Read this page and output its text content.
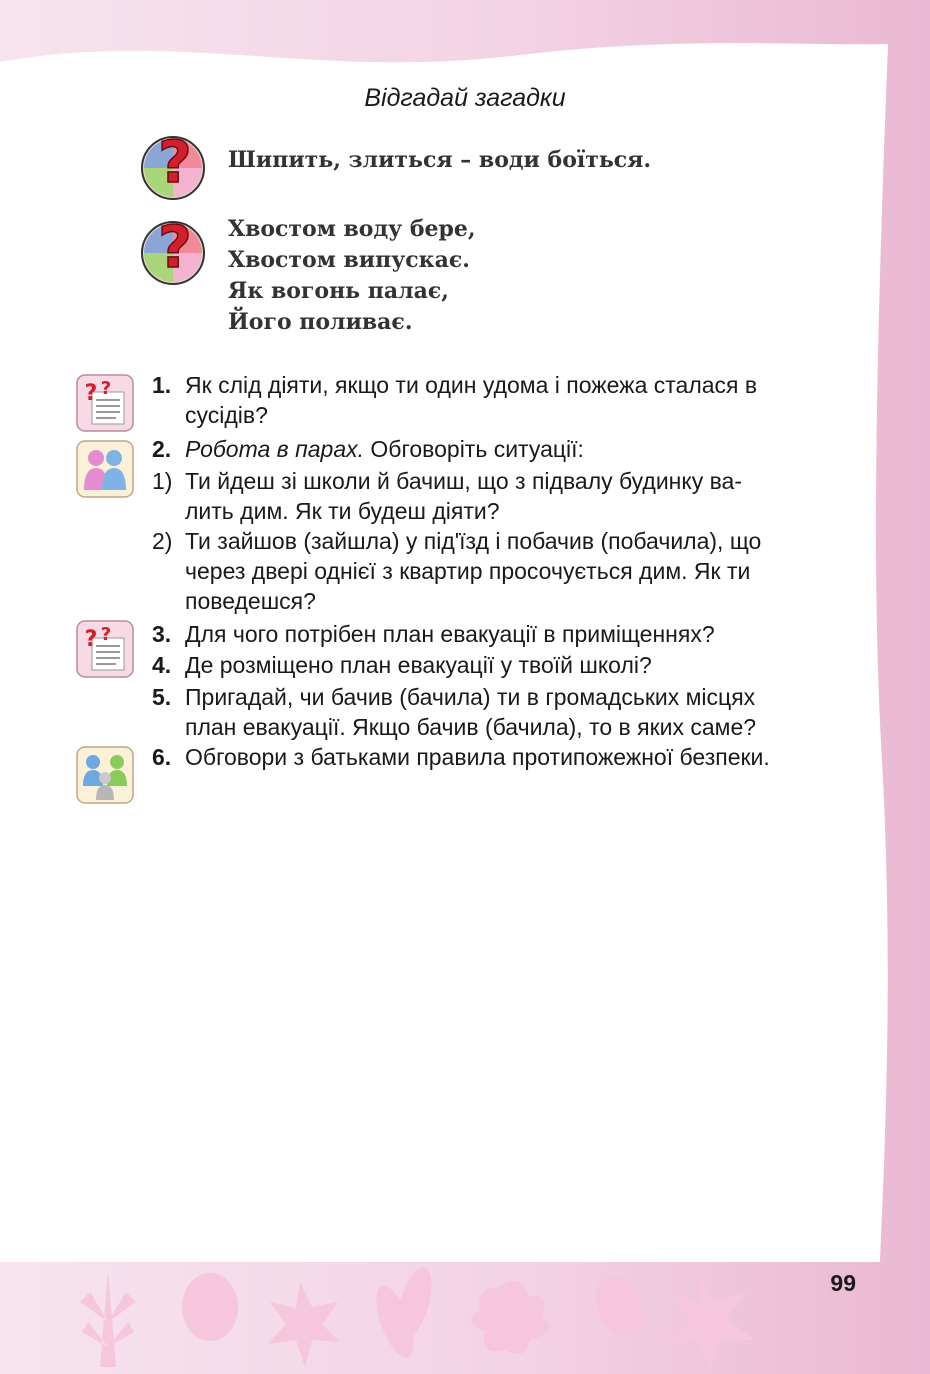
Відгадай загадки
? Шипить, злиться – води боїться.
? Хвостом воду бере,
Хвостом випускає.
Як вогонь палає,
Його поливає.
? ?
? ?
1. Як слід діяти, якщо ти один удома і пожежа сталася в
сусідів?
2. Робота в парах. Обговоріть ситуації:
1) Ти йдеш зі школи й бачиш, що з підвалу будинку ва-
лить дим. Як ти будеш діяти?
2) Ти зайшов (зайшла) у під'їзд і побачив (побачила), що
через двері однієї з квартир просочується дим. Як ти
поведешся?
3. Для чого потрібен план евакуації в приміщеннях?
4. Де розміщено план евакуації у твоїй школі?
5. Пригадай, чи бачив (бачила) ти в громадських місцях
план евакуації. Якщо бачив (бачила), то в яких саме?
6. Обговори з батьками правила протипожежної безпеки.
99
